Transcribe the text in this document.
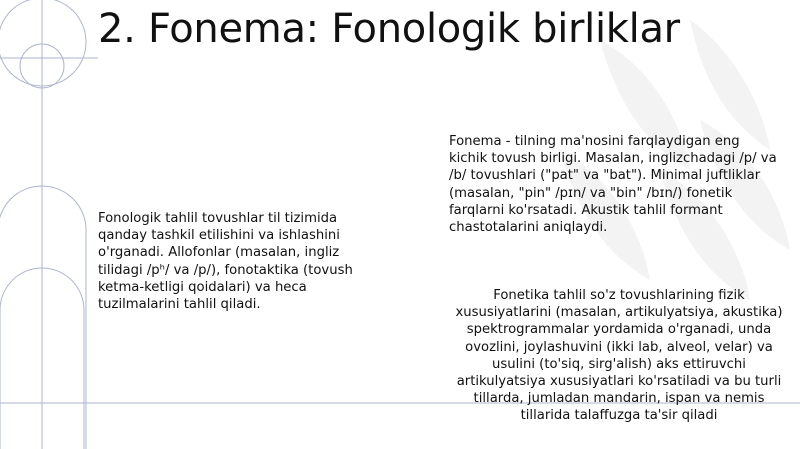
2. Fonema: Fonologik birliklar
Fonologik tahlil tovushlar til tizimida qanday tashkil etilishini va ishlashini o'rganadi. Allofonlar (masalan, ingliz tilidagi /pʰ/ va /p/), fonotaktika (tovush ketma-ketligi qoidalari) va heca tuzilmalarini tahlil qiladi.
Fonema - tilning ma'nosini farqlaydigan eng kichik tovush birligi. Masalan, inglizchadagi /p/ va /b/ tovushlari ("pat" va "bat"). Minimal juftliklar (masalan, "pin" /pɪn/ va "bin" /bɪn/) fonetik farqlarni ko'rsatadi. Akustik tahlil formant chastotalarini aniqlaydi.
Fonetika tahlil so'z tovushlarining fizik xususiyatlarini (masalan, artikulyatsiya, akustika) spektrogrammalar yordamida o'rganadi, unda ovozlini, joylashuvini (ikki lab, alveol, velar) va usulini (to'siq, sirg'alish) aks ettiruvchi artikulyatsiya xususiyatlari ko'rsatiladi va bu turli tillarda, jumladan mandarin, ispan va nemis tillarida talaffuzga ta'sir qiladi
